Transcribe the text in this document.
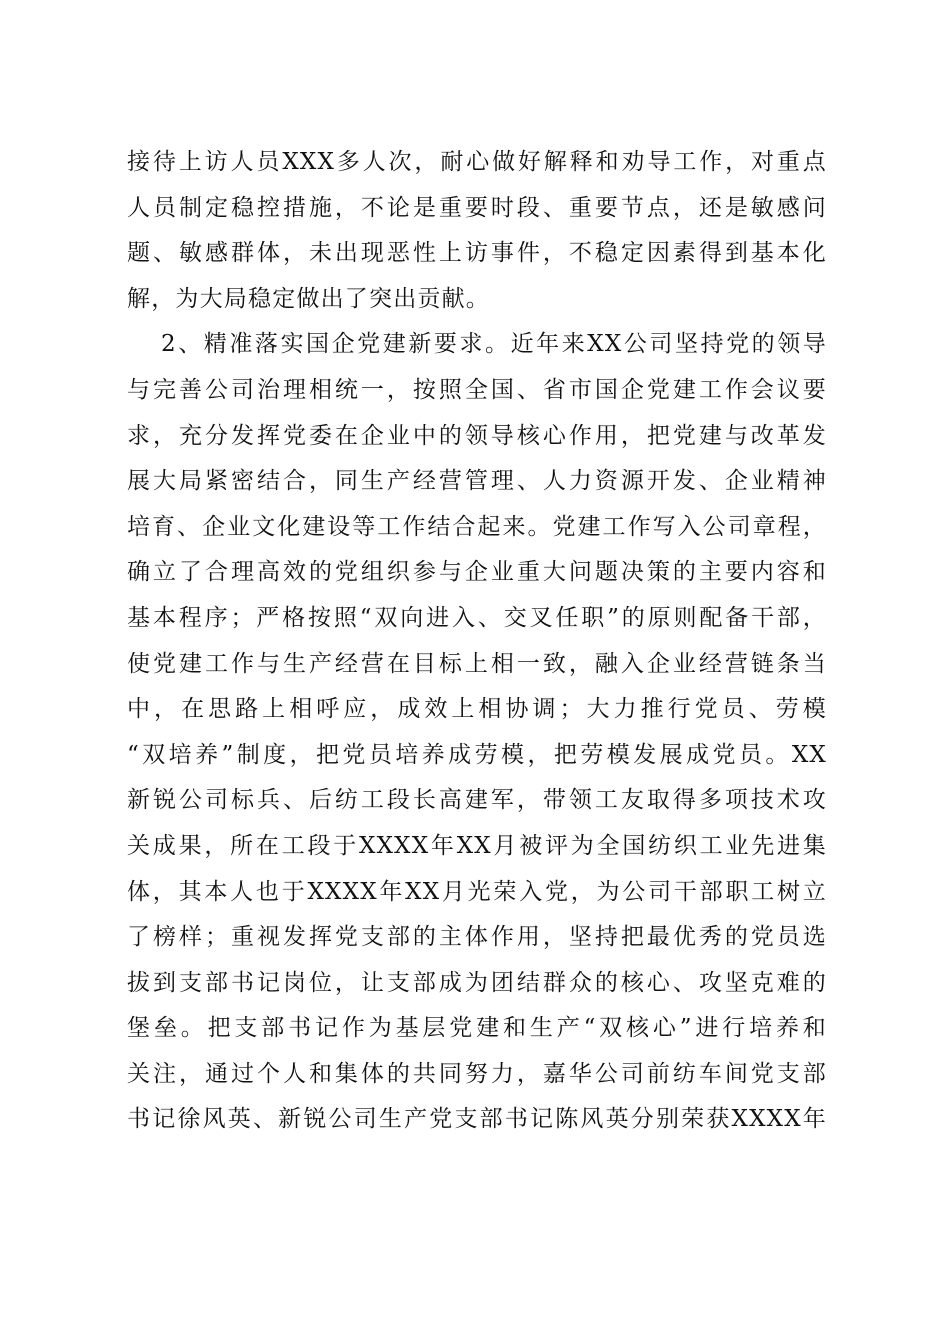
接待上访人员XXX多人次，耐心做好解释和劝导工作，对重点
人员制定稳控措施，不论是重要时段、重要节点，还是敏感问
题、敏感群体，未出现恶性上访事件，不稳定因素得到基本化
解，为大局稳定做出了突出贡献。
2、精准落实国企党建新要求。近年来XX公司坚持党的领导
与完善公司治理相统一，按照全国、省市国企党建工作会议要
求，充分发挥党委在企业中的领导核心作用，把党建与改革发
展大局紧密结合，同生产经营管理、人力资源开发、企业精神
培育、企业文化建设等工作结合起来。党建工作写入公司章程，
确立了合理高效的党组织参与企业重大问题决策的主要内容和
基本程序；严格按照“双向进入、交叉任职”的原则配备干部，
使党建工作与生产经营在目标上相一致，融入企业经营链条当
中，在思路上相呼应，成效上相协调；大力推行党员、劳模
“双培养”制度，把党员培养成劳模，把劳模发展成党员。XX
新锐公司标兵、后纺工段长高建军，带领工友取得多项技术攻
关成果，所在工段于XXXX年XX月被评为全国纺织工业先进集
体，其本人也于XXXX年XX月光荣入党，为公司干部职工树立
了榜样；重视发挥党支部的主体作用，坚持把最优秀的党员选
拔到支部书记岗位，让支部成为团结群众的核心、攻坚克难的
堡垒。把支部书记作为基层党建和生产“双核心”进行培养和
关注，通过个人和集体的共同努力，嘉华公司前纺车间党支部
书记徐风英、新锐公司生产党支部书记陈风英分别荣获XXXX年
